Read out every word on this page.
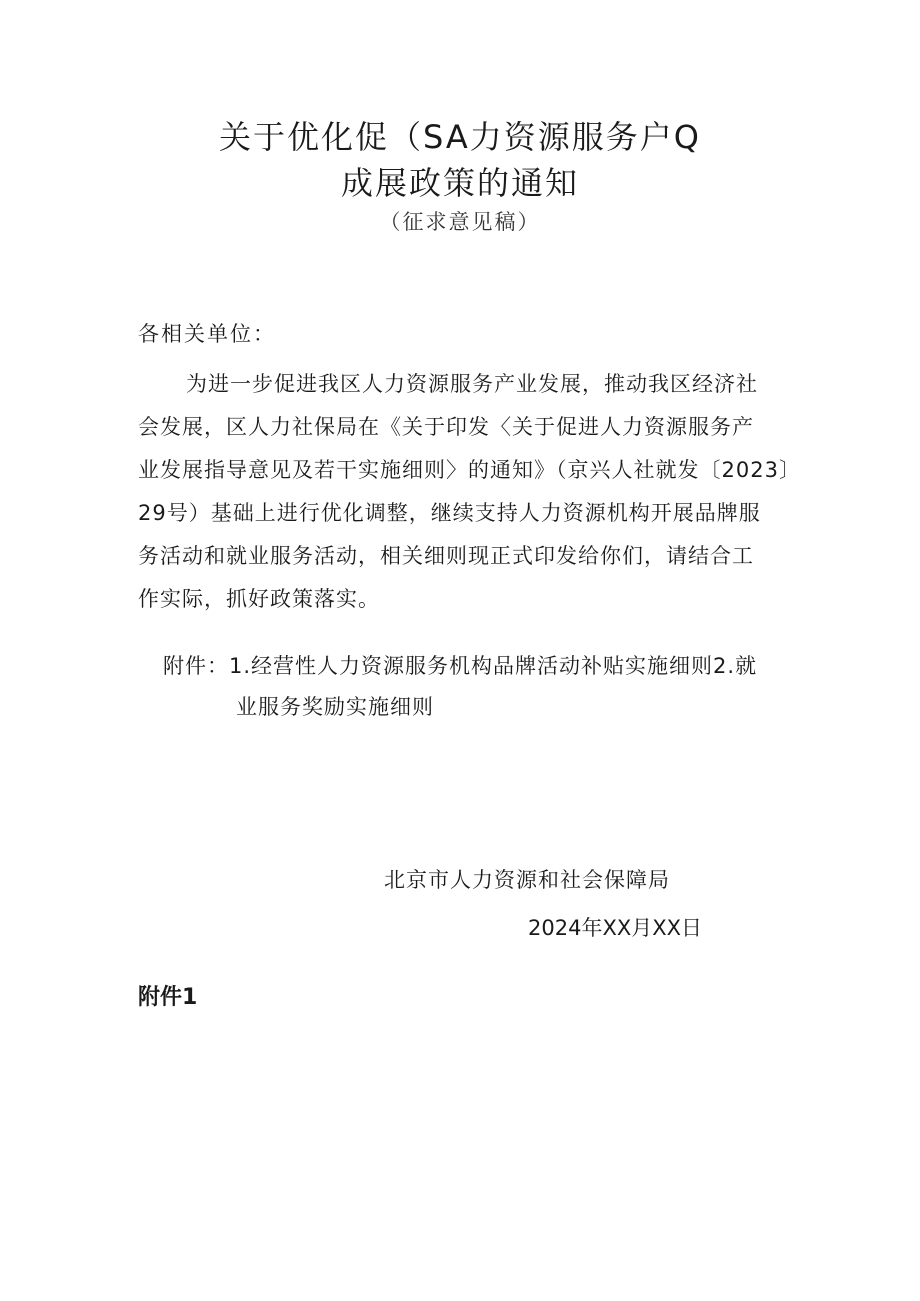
关于优化促（SA力资源服务户Q
成展政策的通知
（征求意见稿）
各相关单位：
为进一步促进我区人力资源服务产业发展，推动我区经济社
会发展，区人力社保局在《关于印发〈关于促进人力资源服务产
业发展指导意见及若干实施细则〉的通知》（京兴人社就发〔2023〕
29号）基础上进行优化调整，继续支持人力资源机构开展品牌服
务活动和就业服务活动，相关细则现正式印发给你们，请结合工
作实际，抓好政策落实。
附件：1.经营性人力资源服务机构品牌活动补贴实施细则2.就
业服务奖励实施细则
北京市人力资源和社会保障局
2024年XX月XX日
附件1
